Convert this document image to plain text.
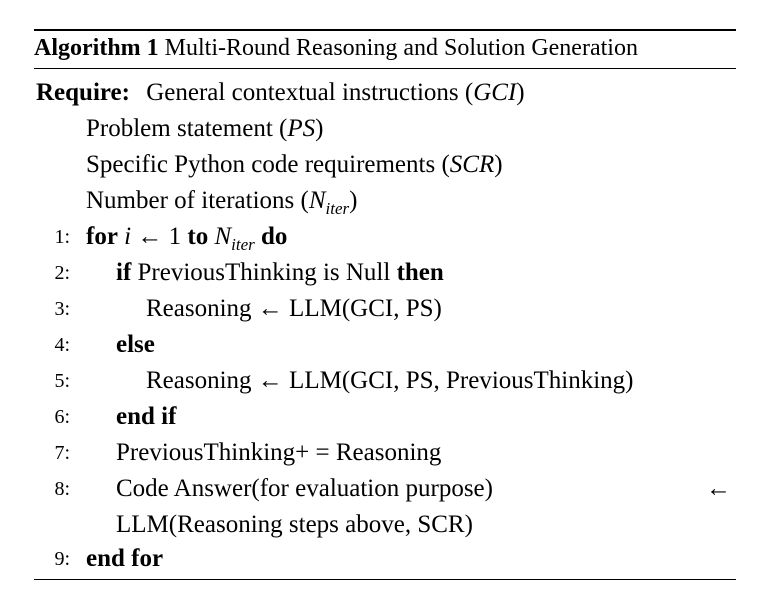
Algorithm 1 Multi-Round Reasoning and Solution Generation
Require: General contextual instructions (GCI)
Problem statement (PS)
Specific Python code requirements (SCR)
Number of iterations $(N_{iter})$
1: for i ← 1 to $N_{iter}$ do
2: if PreviousThinking is Null then
3:	Reasoning ← LLM(GCI, PS)
4: else
5:	Reasoning ← LLM(GCI, PS, PreviousThinking)
6: end if
7: PreviousThinking+ = Reasoning
8: Code Answer(for evaluation purpose)	←
LLM(Reasoning steps above, SCR)
9: end for
